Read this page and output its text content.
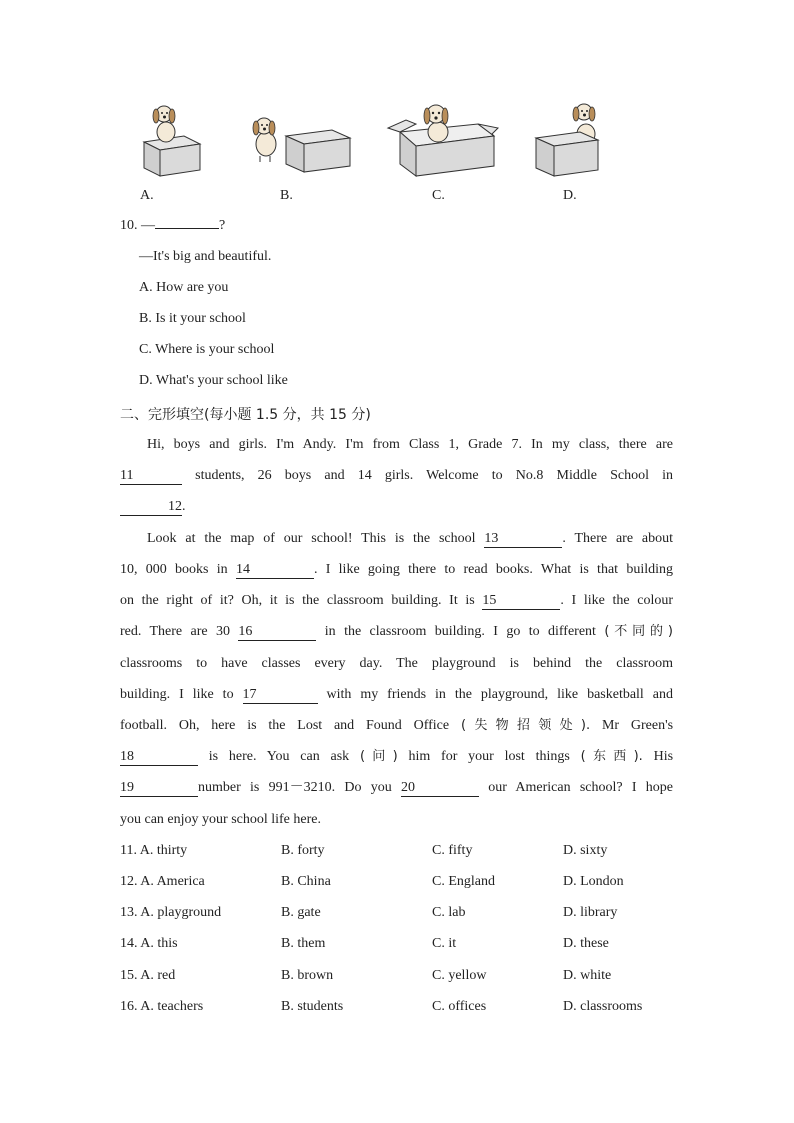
A.	B.	C.	D.
10. —	?
—It's big and beautiful.
A. How are you
B. Is it your school
C. Where is your school
D. What's your school like
二、完形填空(每小题 1.5 分，共 15 分)
Hi, boys and girls. I'm Andy. I'm from Class 1, Grade 7. In my class, there are
11	students, 26 boys and 14 girls. Welcome to No.8 Middle School in
12.
Look at the map of our school! This is the school 13	. There are about
10, 000 books in 14	. I like going there to read books. What is that building
on the right of it? Oh, it is the classroom building. It is 15	. I like the colour
red. There are 30 16	in the classroom building. I go to different (不同的)
classrooms to have classes every day. The playground is behind the classroom
building. I like to 17	with my friends in the playground, like basketball and
football. Oh, here is the Lost and Found Office (失物招领处). Mr Green's
18	is here. You can ask (问) him for your lost things (东西). His
19	number is 991－3210. Do you 20	our American school? I hope
you can enjoy your school life here.
11. A. thirty	B. forty	C. fifty	D. sixty
12. A. America	B. China	C. England	D. London
13. A. playground	B. gate	C. lab	D. library
14. A. this	B. them	C. it	D. these
15. A. red	B. brown	C. yellow	D. white
16. A. teachers	B. students	C. offices	D. classrooms
